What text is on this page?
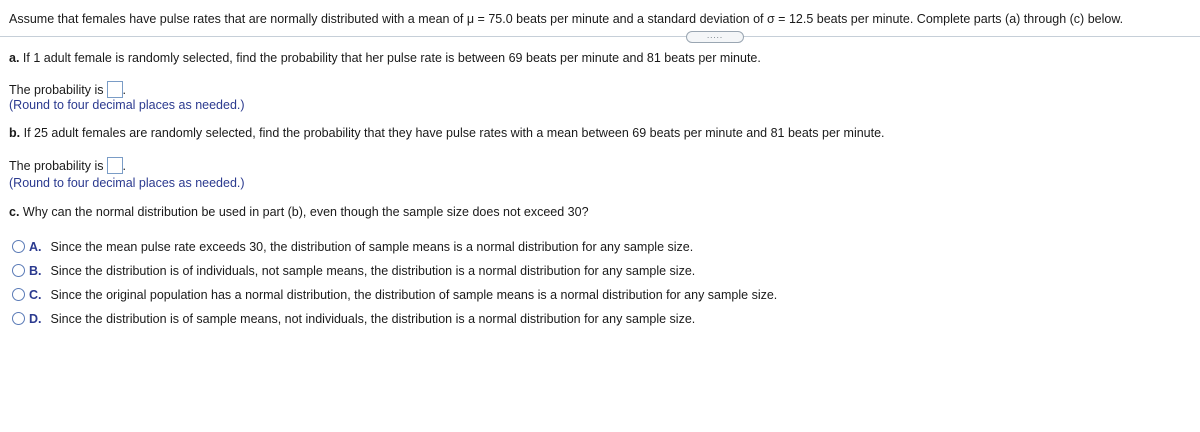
Assume that females have pulse rates that are normally distributed with a mean of μ = 75.0 beats per minute and a standard deviation of σ = 12.5 beats per minute. Complete parts (a) through (c) below.
.....
a. If 1 adult female is randomly selected, find the probability that her pulse rate is between 69 beats per minute and 81 beats per minute.
The probability is .
(Round to four decimal places as needed.)
b. If 25 adult females are randomly selected, find the probability that they have pulse rates with a mean between 69 beats per minute and 81 beats per minute.
The probability is .
(Round to four decimal places as needed.)
c. Why can the normal distribution be used in part (b), even though the sample size does not exceed 30?
A. Since the mean pulse rate exceeds 30, the distribution of sample means is a normal distribution for any sample size.
B. Since the distribution is of individuals, not sample means, the distribution is a normal distribution for any sample size.
C. Since the original population has a normal distribution, the distribution of sample means is a normal distribution for any sample size.
D. Since the distribution is of sample means, not individuals, the distribution is a normal distribution for any sample size.
